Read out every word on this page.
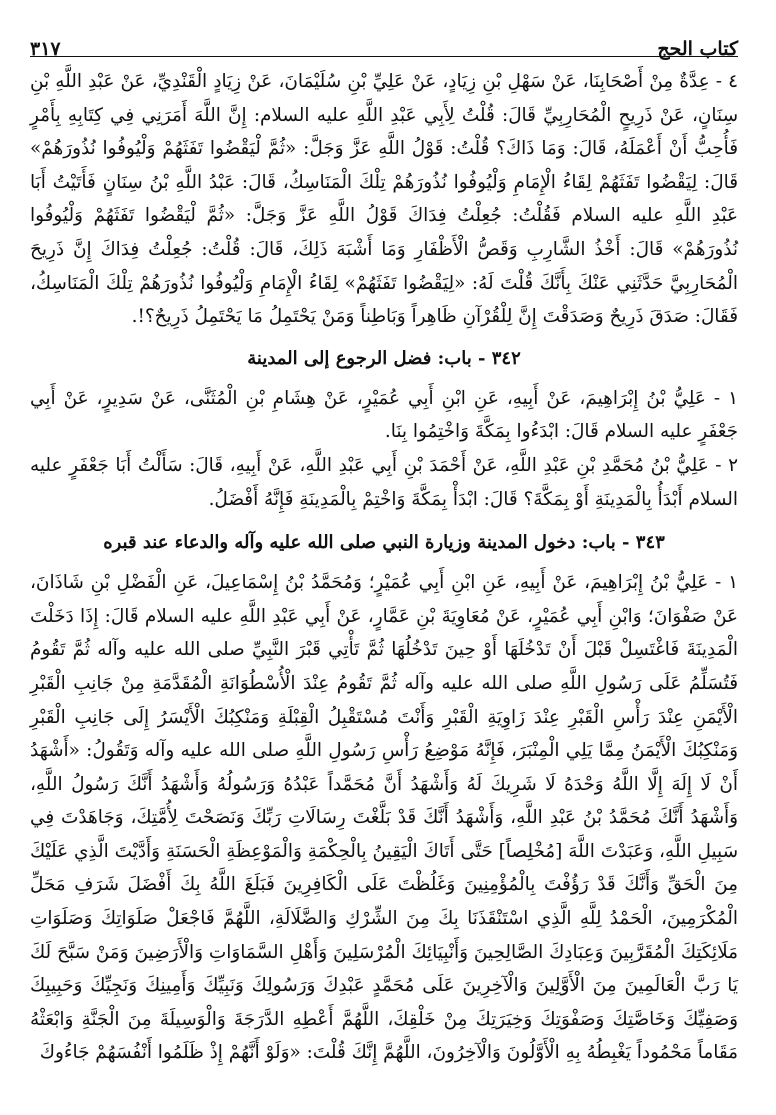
كتاب الحج
٣١٧

٤ - عِدَّةٌ مِنْ أَصْحَابِنَا، عَنْ سَهْلِ بْنِ زِيَادٍ، عَنْ عَلِيِّ بْنِ سُلَيْمَانَ، عَنْ زِيَادٍ الْقَنْدِيِّ، عَنْ عَبْدِ اللَّهِ بْنِ سِنَانٍ، عَنْ ذَرِيحٍ الْمُحَارِبِيِّ قَالَ: قُلْتُ لِأَبِي عَبْدِ اللَّهِ عليه السلام: إِنَّ اللَّهَ أَمَرَنِي فِي كِتَابِهِ بِأَمْرٍ فَأُحِبُّ أَنْ أَعْمَلَهُ، قَالَ: وَمَا ذَاكَ؟ قُلْتُ: قَوْلُ اللَّهِ عَزَّ وَجَلَّ: «ثُمَّ لْيَقْضُوا تَفَثَهُمْ وَلْيُوفُوا نُذُورَهُمْ» قَالَ: لِيَقْضُوا تَفَثَهُمْ لِقَاءُ الْإِمَامِ وَلْيُوفُوا نُذُورَهُمْ تِلْكَ الْمَنَاسِكُ، قَالَ: عَبْدُ اللَّهِ بْنُ سِنَانٍ فَأَتَيْتُ أَبَا عَبْدِ اللَّهِ عليه السلام فَقُلْتُ: جُعِلْتُ فِدَاكَ قَوْلُ اللَّهِ عَزَّ وَجَلَّ: «ثُمَّ لْيَقْضُوا تَفَثَهُمْ وَلْيُوفُوا نُذُورَهُمْ» قَالَ: أَخْذُ الشَّارِبِ وَقَصُّ الْأَظْفَارِ وَمَا أَشْبَهَ ذَلِكَ، قَالَ: قُلْتُ: جُعِلْتُ فِدَاكَ إِنَّ ذَرِيحَ الْمُحَارِبِيَّ حَدَّثَنِي عَنْكَ بِأَنَّكَ قُلْتَ لَهُ: «لِيَقْضُوا تَفَثَهُمْ» لِقَاءُ الْإِمَامِ وَلْيُوفُوا نُذُورَهُمْ تِلْكَ الْمَنَاسِكُ، فَقَالَ: صَدَقَ ذَرِيحٌ وَصَدَقْتَ إِنَّ لِلْقُرْآنِ ظَاهِراً وَبَاطِناً وَمَنْ يَحْتَمِلُ مَا يَحْتَمِلُ ذَرِيحٌ؟!.

٣٤٢ - باب: فضل الرجوع إلى المدينة

١ - عَلِيُّ بْنُ إِبْرَاهِيمَ، عَنْ أَبِيهِ، عَنِ ابْنِ أَبِي عُمَيْرٍ، عَنْ هِشَامِ بْنِ الْمُثَنَّى، عَنْ سَدِيرٍ، عَنْ أَبِي جَعْفَرٍ عليه السلام قَالَ: ابْدَءُوا بِمَكَّةَ وَاخْتِمُوا بِنَا.

٢ - عَلِيُّ بْنُ مُحَمَّدِ بْنِ عَبْدِ اللَّهِ، عَنْ أَحْمَدَ بْنِ أَبِي عَبْدِ اللَّهِ، عَنْ أَبِيهِ، قَالَ: سَأَلْتُ أَبَا جَعْفَرٍ عليه السلام أَبْدَأُ بِالْمَدِينَةِ أَوْ بِمَكَّةَ؟ قَالَ: ابْدَأْ بِمَكَّةَ وَاخْتِمْ بِالْمَدِينَةِ فَإِنَّهُ أَفْضَلُ.

٣٤٣ - باب: دخول المدينة وزيارة النبي صلى الله عليه وآله والدعاء عند قبره

١ - عَلِيُّ بْنُ إِبْرَاهِيمَ، عَنْ أَبِيهِ، عَنِ ابْنِ أَبِي عُمَيْرٍ؛ وَمُحَمَّدُ بْنُ إِسْمَاعِيلَ، عَنِ الْفَضْلِ بْنِ شَاذَانَ، عَنْ صَفْوَانَ؛ وَابْنِ أَبِي عُمَيْرٍ، عَنْ مُعَاوِيَةَ بْنِ عَمَّارٍ، عَنْ أَبِي عَبْدِ اللَّهِ عليه السلام قَالَ: إِذَا دَخَلْتَ الْمَدِينَةَ فَاغْتَسِلْ قَبْلَ أَنْ تَدْخُلَهَا أَوْ حِينَ تَدْخُلُهَا ثُمَّ تَأْتِي قَبْرَ النَّبِيِّ صلى الله عليه وآله ثُمَّ تَقُومُ فَتُسَلِّمُ عَلَى رَسُولِ اللَّهِ صلى الله عليه وآله ثُمَّ تَقُومُ عِنْدَ الْأُسْطُوَانَةِ الْمُقَدَّمَةِ مِنْ جَانِبِ الْقَبْرِ الْأَيْمَنِ عِنْدَ رَأْسِ الْقَبْرِ عِنْدَ زَاوِيَةِ الْقَبْرِ وَأَنْتَ مُسْتَقْبِلُ الْقِبْلَةِ وَمَنْكِبُكَ الْأَيْسَرُ إِلَى جَانِبِ الْقَبْرِ وَمَنْكِبُكَ الْأَيْمَنُ مِمَّا يَلِي الْمِنْبَرَ، فَإِنَّهُ مَوْضِعُ رَأْسِ رَسُولِ اللَّهِ صلى الله عليه وآله وَتَقُولُ: «أَشْهَدُ أَنْ لَا إِلَهَ إِلَّا اللَّهُ وَحْدَهُ لَا شَرِيكَ لَهُ وَأَشْهَدُ أَنَّ مُحَمَّداً عَبْدُهُ وَرَسُولُهُ وَأَشْهَدُ أَنَّكَ رَسُولُ اللَّهِ، وَأَشْهَدُ أَنَّكَ مُحَمَّدُ بْنُ عَبْدِ اللَّهِ، وَأَشْهَدُ أَنَّكَ قَدْ بَلَّغْتَ رِسَالَاتِ رَبِّكَ وَنَصَحْتَ لِأُمَّتِكَ، وَجَاهَدْتَ فِي سَبِيلِ اللَّهِ، وَعَبَدْتَ اللَّهَ [مُخْلِصاً] حَتَّى أَتَاكَ الْيَقِينُ بِالْحِكْمَةِ وَالْمَوْعِظَةِ الْحَسَنَةِ وَأَدَّيْتَ الَّذِي عَلَيْكَ مِنَ الْحَقِّ وَأَنَّكَ قَدْ رَؤُفْتَ بِالْمُؤْمِنِينَ وَغَلُظْتَ عَلَى الْكَافِرِينَ فَبَلَغَ اللَّهُ بِكَ أَفْضَلَ شَرَفِ مَحَلِّ الْمُكْرَمِينَ، الْحَمْدُ لِلَّهِ الَّذِي اسْتَنْقَذَنَا بِكَ مِنَ الشِّرْكِ وَالضَّلَالَةِ، اللَّهُمَّ فَاجْعَلْ صَلَوَاتِكَ وَصَلَوَاتِ مَلَائِكَتِكَ الْمُقَرَّبِينَ وَعِبَادِكَ الصَّالِحِينَ وَأَنْبِيَائِكَ الْمُرْسَلِينَ وَأَهْلِ السَّمَاوَاتِ وَالْأَرَضِينَ وَمَنْ سَبَّحَ لَكَ يَا رَبَّ الْعَالَمِينَ مِنَ الْأَوَّلِينَ وَالْآخِرِينَ عَلَى مُحَمَّدٍ عَبْدِكَ وَرَسُولِكَ وَنَبِيِّكَ وَأَمِينِكَ وَنَجِيِّكَ وَحَبِيبِكَ وَصَفِيِّكَ وَخَاصَّتِكَ وَصَفْوَتِكَ وَخِيَرَتِكَ مِنْ خَلْقِكَ، اللَّهُمَّ أَعْطِهِ الدَّرَجَةَ وَالْوَسِيلَةَ مِنَ الْجَنَّةِ وَابْعَثْهُ مَقَاماً مَحْمُوداً يَغْبِطُهُ بِهِ الْأَوَّلُونَ وَالْآخِرُونَ، اللَّهُمَّ إِنَّكَ قُلْتَ: «وَلَوْ أَنَّهُمْ إِذْ ظَلَمُوا أَنْفُسَهُمْ جَاءُوكَ
